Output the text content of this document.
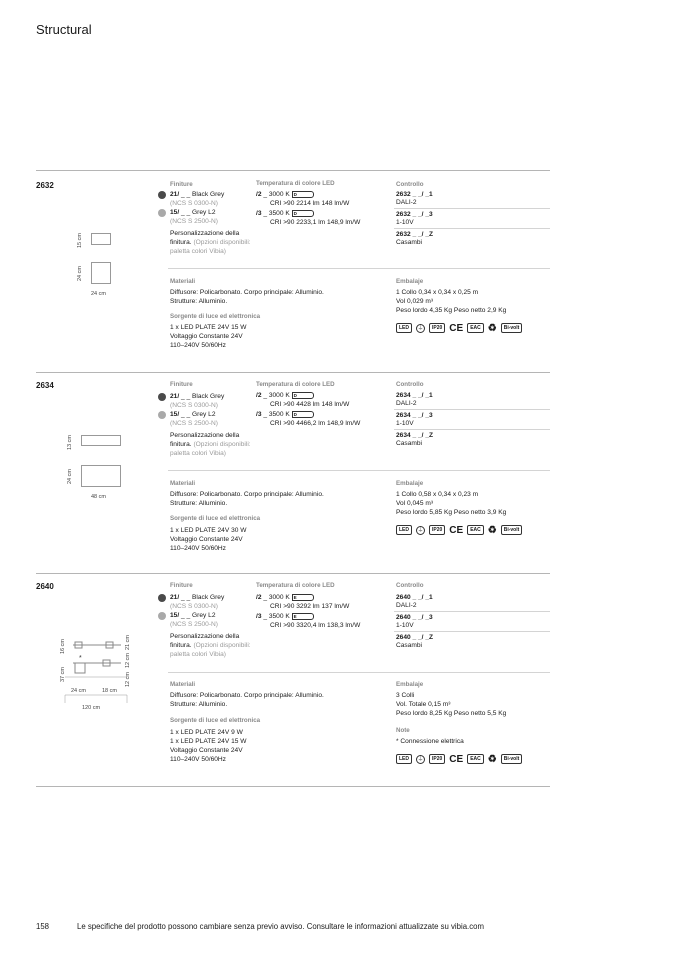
Structural
2632
15 cm
24 cm
24 cm
Finiture
21/ _ _ Black Grey
(NCS S 0300-N)
15/ _ _ Grey L2
(NCS S 2500-N)
Personalizzazione della
finitura. (Opzioni disponibili:
paletta colori Vibia)
Temperatura di colore LED
/2 _ 3000 K D
CRI >90 2214 lm 148 lm/W
/3 _ 3500 K D
CRI >90 2233,1 lm 148,9 lm/W
Controllo
2632 _ _/ _1
DALI-2
2632 _ _/ _3
1-10V
2632 _ _/ _Z
Casambi
Materiali
Diffusore: Policarbonato. Corpo principale: Alluminio.
Strutture: Alluminio.
Sorgente di luce ed elettronica
1 x LED PLATE 24V 15 W
Voltaggio Constante 24V
110–240V 50/60Hz
Embalaje
1 Collo 0,34 x 0,34 x 0,25 m
Vol 0,029 m³
Peso lordo 4,35 Kg Peso netto 2,9 Kg
LED	⏚	IP20 CE	EAC ♻	Bi-volt
2634
13 cm
24 cm
48 cm
Finiture
21/ _ _ Black Grey
(NCS S 0300-N)
15/ _ _ Grey L2
(NCS S 2500-N)
Personalizzazione della
finitura. (Opzioni disponibili:
paletta colori Vibia)
Temperatura di colore LED
/2 _ 3000 K D
CRI >90 4428 lm 148 lm/W
/3 _ 3500 K D
CRI >90 4466,2 lm 148,9 lm/W
Controllo
2634 _ _/ _1
DALI-2
2634 _ _/ _3
1-10V
2634 _ _/ _Z
Casambi
Materiali
Diffusore: Policarbonato. Corpo principale: Alluminio.
Strutture: Alluminio.
Sorgente di luce ed elettronica
1 x LED PLATE 24V 30 W
Voltaggio Constante 24V
110–240V 50/60Hz
Embalaje
1 Collo 0,58 x 0,34 x 0,23 m
Vol 0,045 m³
Peso lordo 5,85 Kg Peso netto 3,9 Kg
LED	⏚	IP20 CE	EAC ♻	Bi-volt
2640
*
16 cm
37 cm
21 cm
12 cm
12 cm
24 cm	18 cm
120 cm
Finiture
21/ _ _ Black Grey
(NCS S 0300-N)
15/ _ _ Grey L2
(NCS S 2500-N)
Personalizzazione della
finitura. (Opzioni disponibili:
paletta colori Vibia)
Temperatura di colore LED
/2 _ 3000 K E
CRI >90 3292 lm 137 lm/W
/3 _ 3500 K E
CRI >90 3320,4 lm 138,3 lm/W
Controllo
2640 _ _/ _1
DALI-2
2640 _ _/ _3
1-10V
2640 _ _/ _Z
Casambi
Materiali
Diffusore: Policarbonato. Corpo principale: Alluminio.
Strutture: Alluminio.
Sorgente di luce ed elettronica
1 x LED PLATE 24V 9 W
1 x LED PLATE 24V 15 W
Voltaggio Constante 24V
110–240V 50/60Hz
Embalaje
3 Colli
Vol. Totale 0,15 m³
Peso lordo 8,25 Kg Peso netto 5,5 Kg
Note
* Connessione elettrica
LED	⏚	IP20 CE	EAC ♻	Bi-volt
158	Le specifiche del prodotto possono cambiare senza previo avviso. Consultare le informazioni attualizzate su vibia.com
